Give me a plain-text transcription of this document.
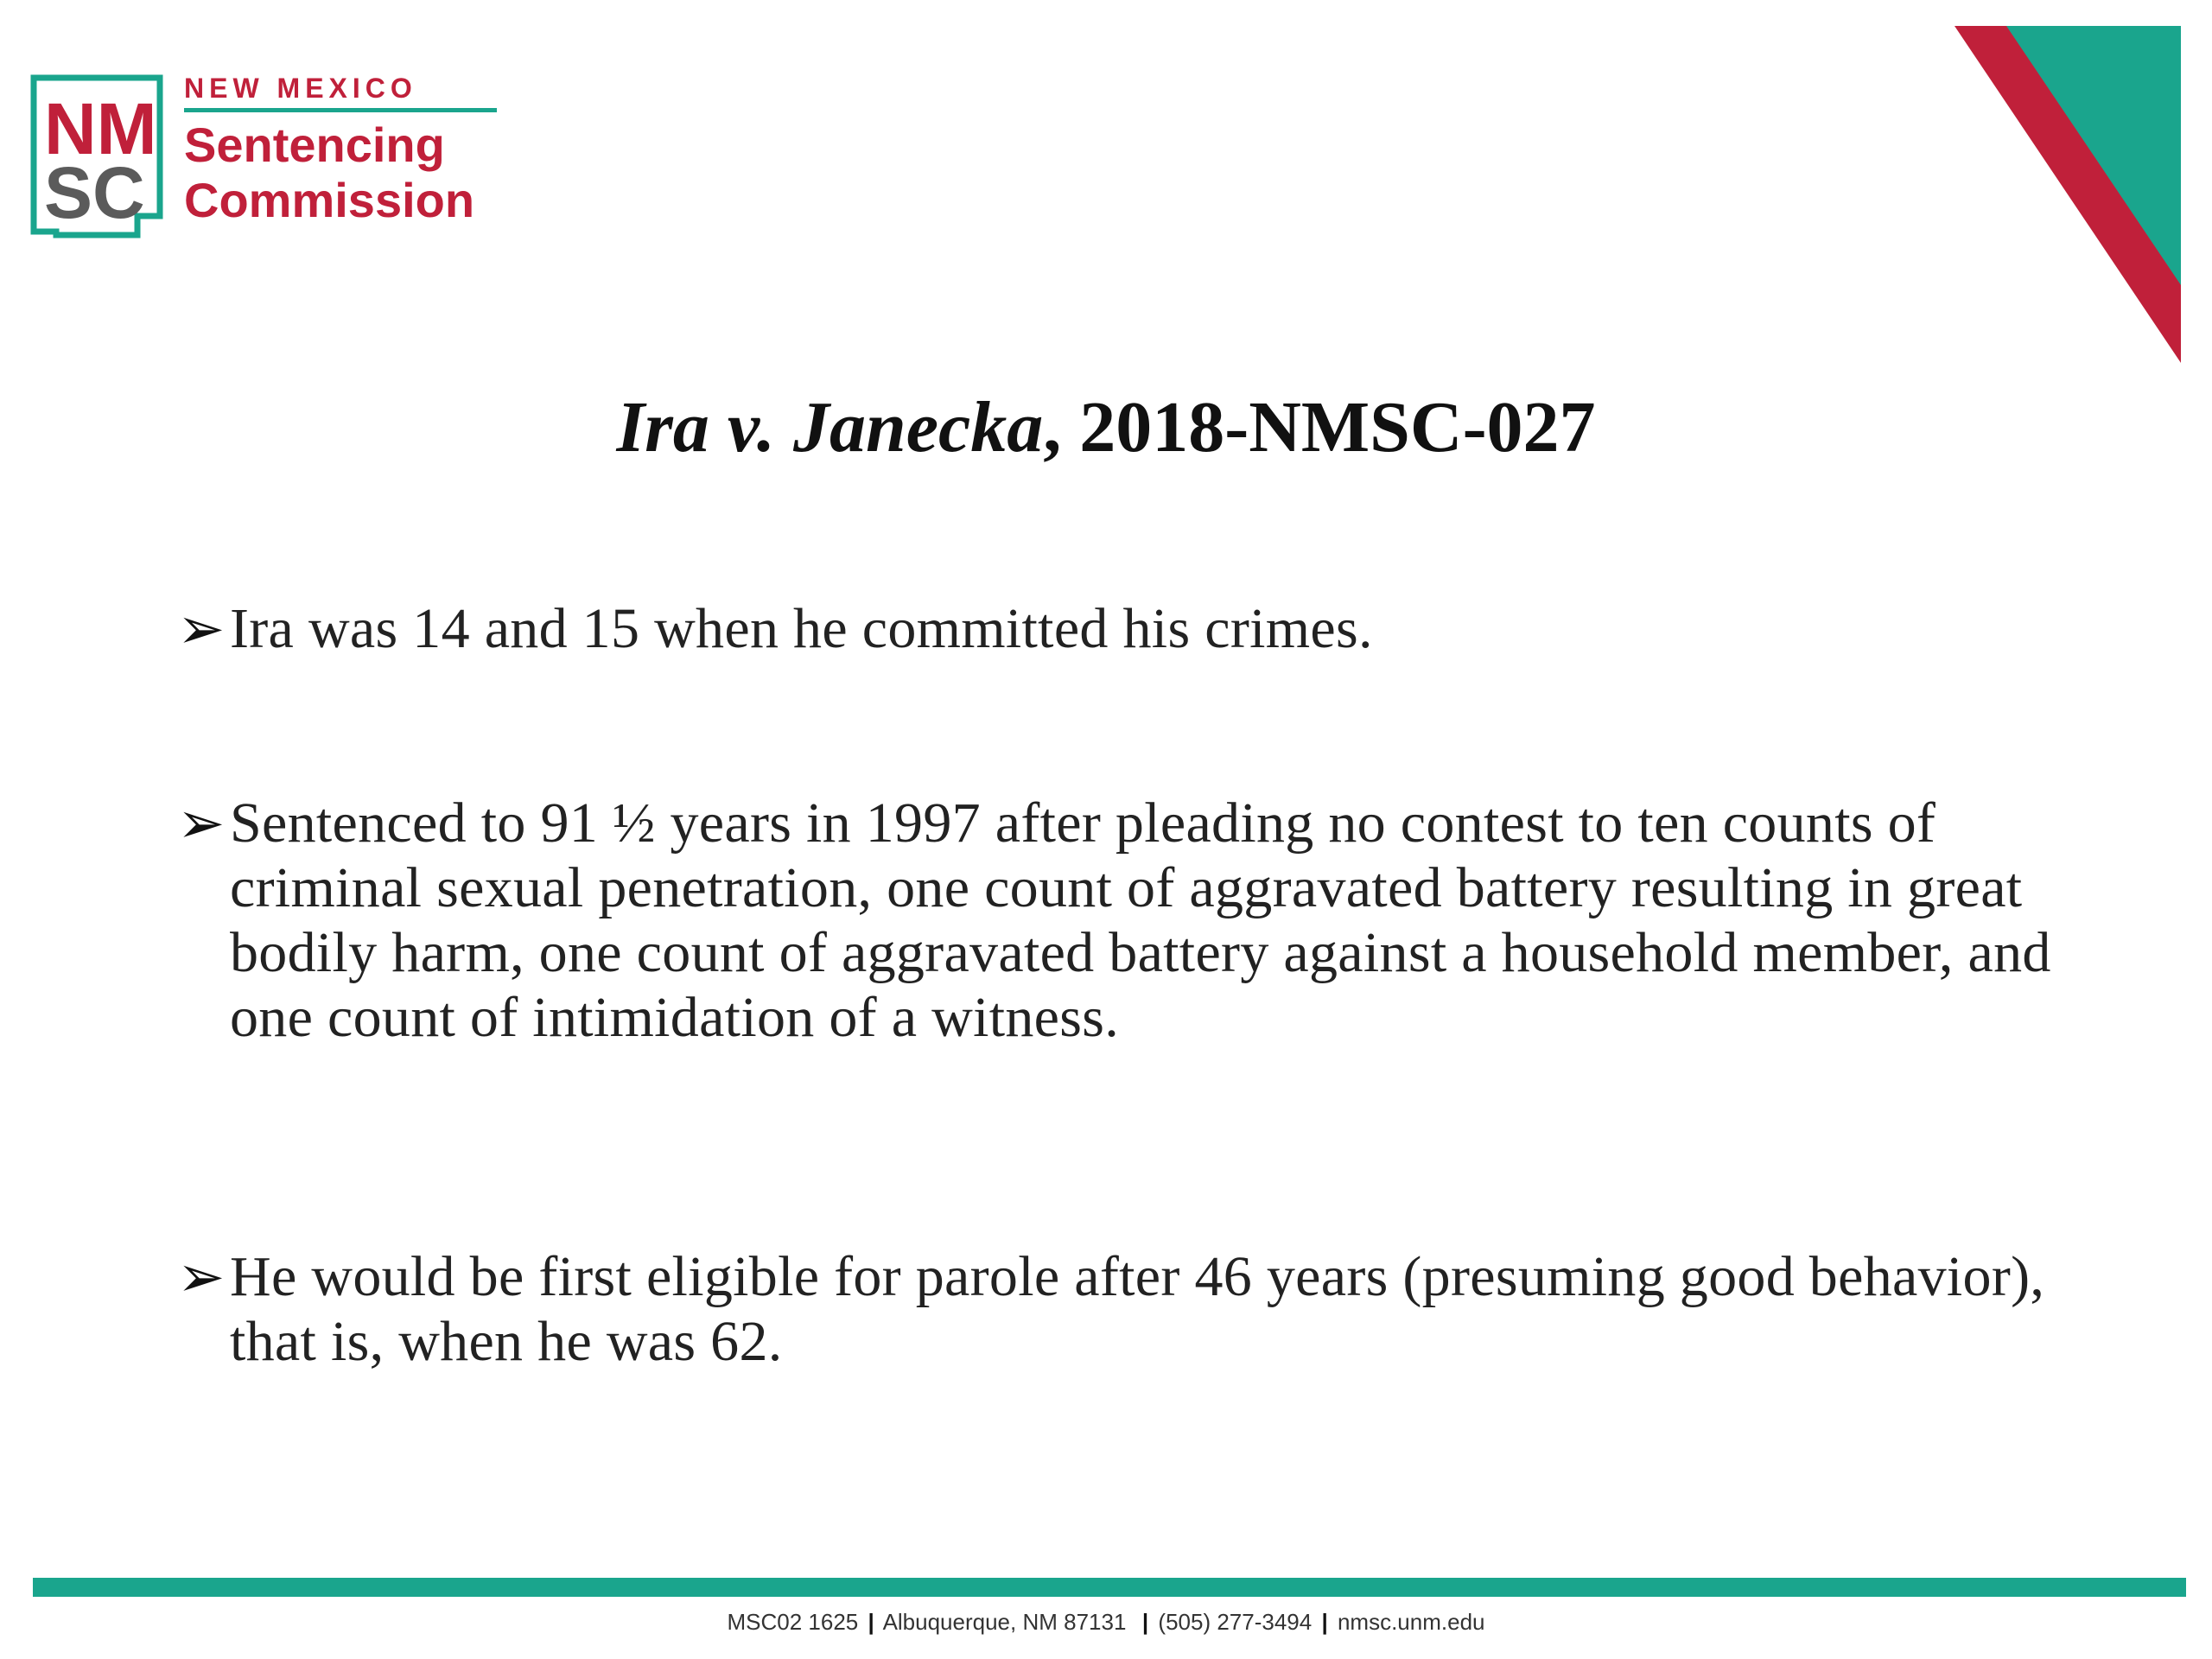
NM
SC
NEW MEXICO
Sentencing
Commission
Ira v. Janecka, 2018-NMSC-027
➢ Ira was 14 and 15 when he committed his crimes.
➢ Sentenced to 91 ½ years in 1997 after pleading no contest to ten counts of criminal sexual penetration, one count of aggravated battery resulting in great bodily harm, one count of aggravated battery against a household member, and one count of intimidation of a witness.
➢ He would be first eligible for parole after 46 years (presuming good behavior), that is, when he was 62.
MSC02 1625 | Albuquerque, NM 87131 | (505) 277-3494 | nmsc.unm.edu
